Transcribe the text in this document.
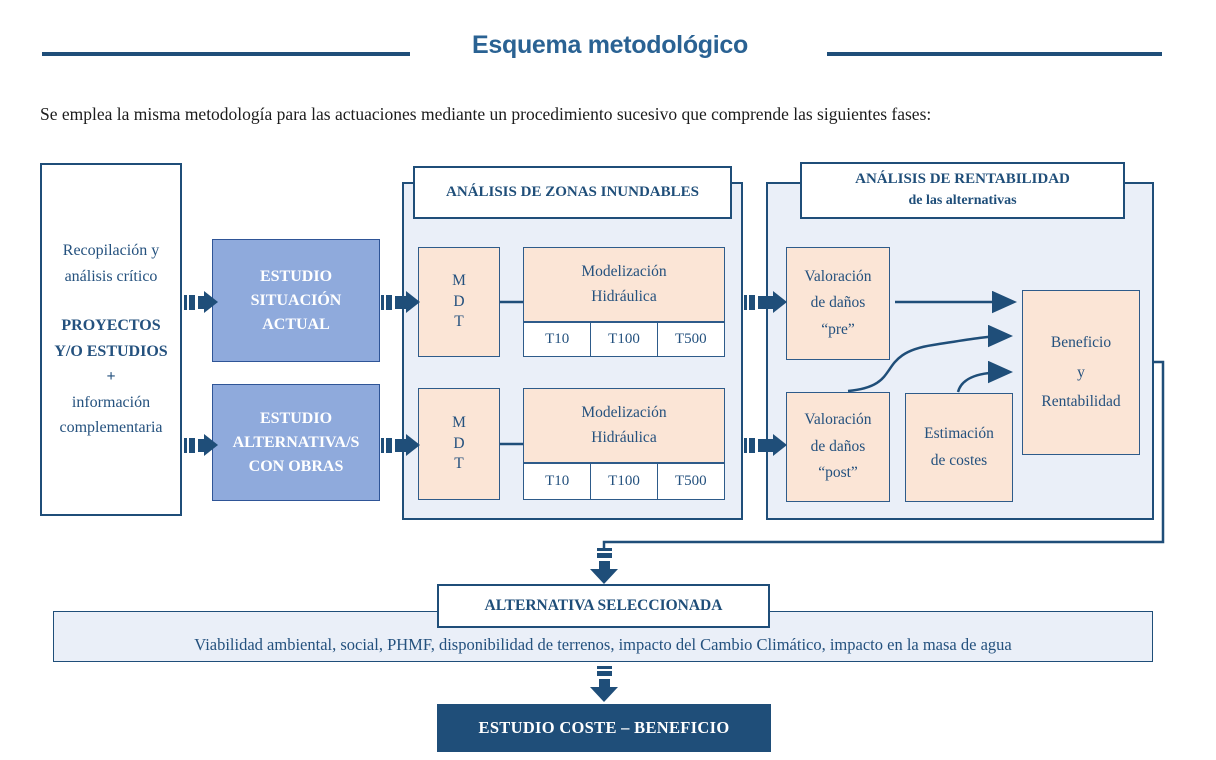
Esquema metodológico
Se emplea la misma metodología para las actuaciones mediante un procedimiento sucesivo que comprende las siguientes fases:
Recopilación y
análisis crítico
PROYECTOS
Y/O ESTUDIOS
+
información
complementaria
ESTUDIO
SITUACIÓN
ACTUAL
ESTUDIO
ALTERNATIVA/S
CON OBRAS
ANÁLISIS DE ZONAS INUNDABLES
M
D
T
Modelización
Hidráulica
T10	T100	T500
M
D
T
Modelización
Hidráulica
T10	T100	T500
ANÁLISIS DE RENTABILIDAD
de las alternativas
Valoración
de daños
“pre”
Valoración
de daños
“post”
Estimación
de costes
Beneficio
y
Rentabilidad
ALTERNATIVA SELECCIONADA
Viabilidad ambiental, social, PHMF, disponibilidad de terrenos, impacto del Cambio Climático, impacto en la masa de agua
ESTUDIO COSTE – BENEFICIO
